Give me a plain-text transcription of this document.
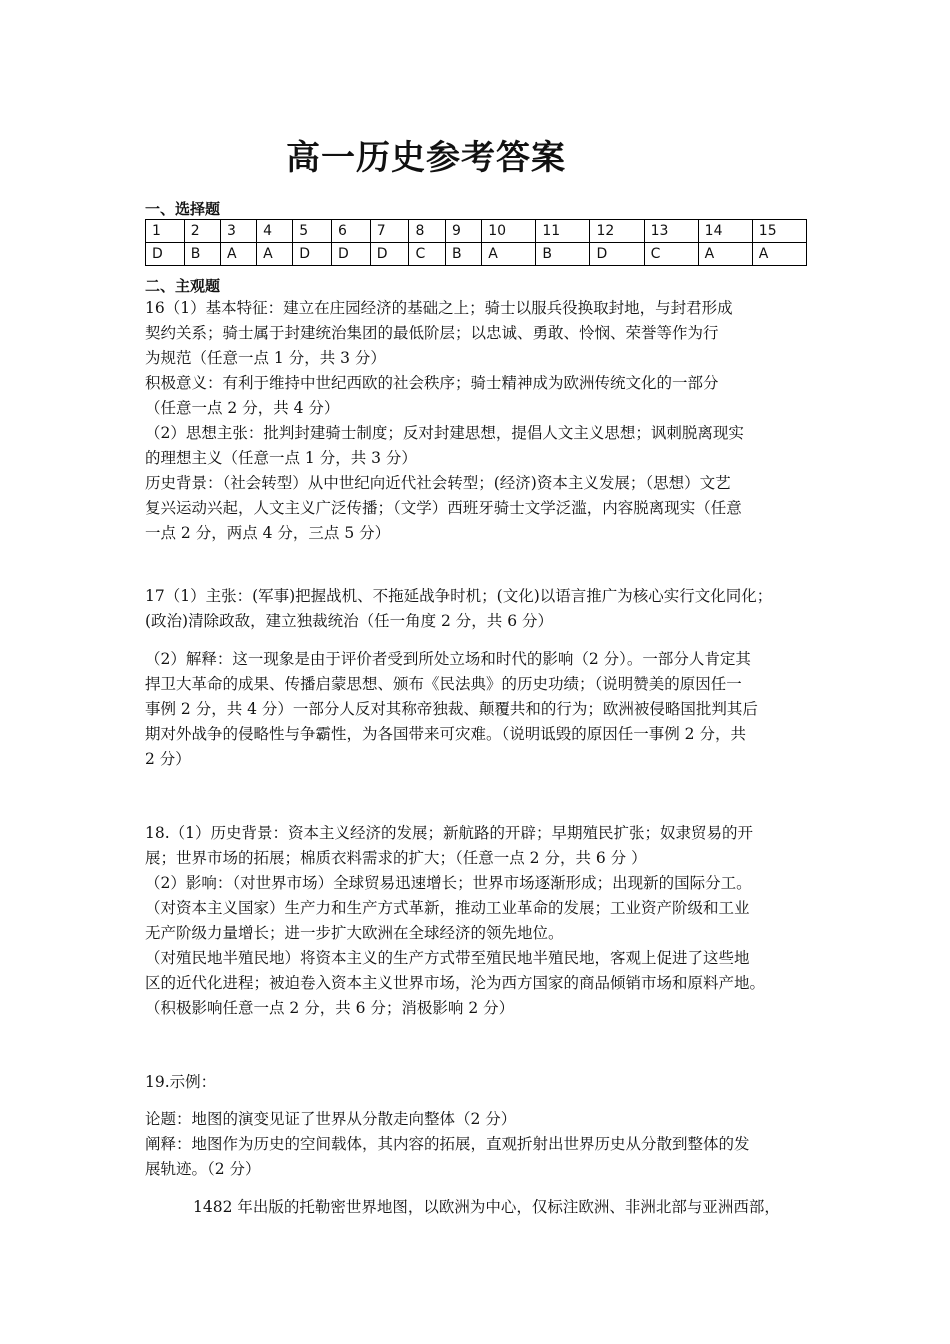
高一历史参考答案
一、选择题
1	2	3	4	5	6	7	8	9	10	11	12	13	14	15
D	B	A	A	D	D	D	C	B	A	B	D	C	A	A
二、主观题
16（1）基本特征：建立在庄园经济的基础之上；骑士以服兵役换取封地，与封君形成
契约关系；骑士属于封建统治集团的最低阶层；以忠诚、勇敢、怜悯、荣誉等作为行
为规范（任意一点 1 分，共 3 分）
积极意义：有利于维持中世纪西欧的社会秩序；骑士精神成为欧洲传统文化的一部分
（任意一点 2 分，共 4 分）
（2）思想主张：批判封建骑士制度；反对封建思想，提倡人文主义思想；讽刺脱离现实
的理想主义（任意一点 1 分，共 3 分）
历史背景：（社会转型）从中世纪向近代社会转型；(经济)资本主义发展；（思想）文艺
复兴运动兴起，人文主义广泛传播；（文学）西班牙骑士文学泛滥，内容脱离现实（任意
一点 2 分，两点 4 分，三点 5 分）
17（1）主张：(军事)把握战机、不拖延战争时机；(文化)以语言推广为核心实行文化同化；
(政治)清除政敌，建立独裁统治（任一角度 2 分，共 6 分）
（2）解释：这一现象是由于评价者受到所处立场和时代的影响（2 分）。一部分人肯定其
捍卫大革命的成果、传播启蒙思想、颁布《民法典》的历史功绩；（说明赞美的原因任一
事例 2 分，共 4 分）一部分人反对其称帝独裁、颠覆共和的行为；欧洲被侵略国批判其后
期对外战争的侵略性与争霸性，为各国带来可灾难。（说明诋毁的原因任一事例 2 分，共
2 分）
18.（1）历史背景：资本主义经济的发展；新航路的开辟；早期殖民扩张；奴隶贸易的开
展；世界市场的拓展；棉质衣料需求的扩大；（任意一点 2 分，共 6 分 ）
（2）影响：（对世界市场）全球贸易迅速增长；世界市场逐渐形成；出现新的国际分工。
（对资本主义国家）生产力和生产方式革新，推动工业革命的发展；工业资产阶级和工业
无产阶级力量增长；进一步扩大欧洲在全球经济的领先地位。
（对殖民地半殖民地）将资本主义的生产方式带至殖民地半殖民地，客观上促进了这些地
区的近代化进程；被迫卷入资本主义世界市场，沦为西方国家的商品倾销市场和原料产地。
（积极影响任意一点 2 分，共 6 分；消极影响 2 分）
19.示例：
论题：地图的演变见证了世界从分散走向整体（2 分）
阐释：地图作为历史的空间载体，其内容的拓展，直观折射出世界历史从分散到整体的发
展轨迹。（2 分）
1482 年出版的托勒密世界地图，以欧洲为中心，仅标注欧洲、非洲北部与亚洲西部，
